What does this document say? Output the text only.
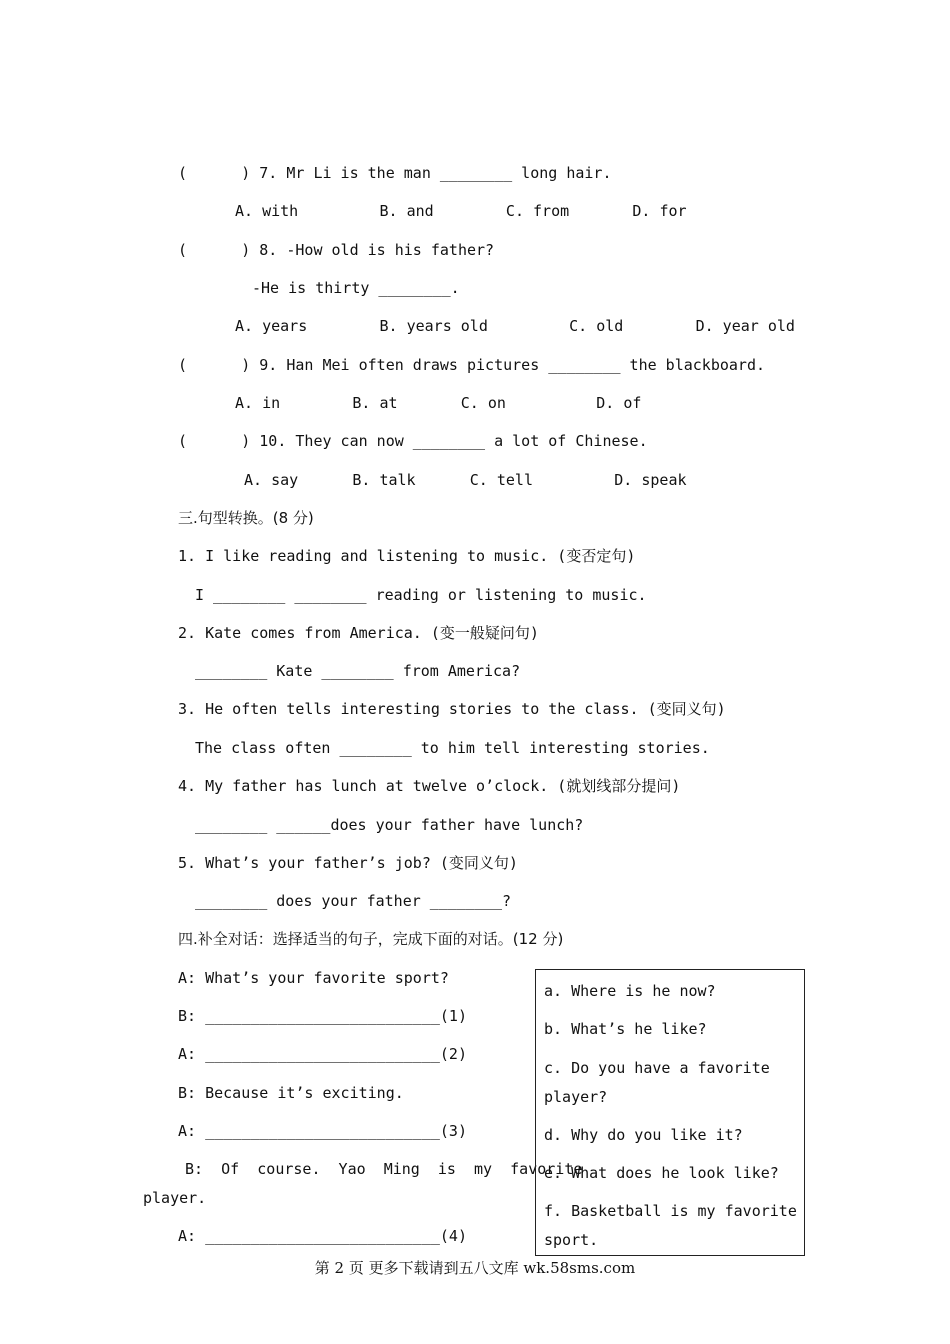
(      ) 7. Mr Li is the man ________ long hair.
A. with         B. and        C. from       D. for
(      ) 8. -How old is his father?
-He is thirty ________.
A. years        B. years old         C. old        D. year old
(      ) 9. Han Mei often draws pictures ________ the blackboard.
A. in        B. at       C. on          D. of
(      ) 10. They can now ________ a lot of Chinese.
A. say      B. talk      C. tell         D. speak
三.句型转换。(8 分)
1. I like reading and listening to music. (变否定句)
I ________ ________ reading or listening to music.
2. Kate comes from America. (变一般疑问句)
________ Kate ________ from America?
3. He often tells interesting stories to the class. (变同义句)
The class often ________ to him tell interesting stories.
4. My father has lunch at twelve o’clock. (就划线部分提问)
________ ______does your father have lunch?
5. What’s your father’s job? (变同义句)
________ does your father ________?
四.补全对话：选择适当的句子，完成下面的对话。(12 分)
A: What’s your favorite sport?
B: __________________________(1)
A: __________________________(2)
B: Because it’s exciting.
A: __________________________(3)
B:  Of  course.  Yao  Ming  is  my  favorite
player.
A: __________________________(4)
a. Where is he now?
b. What’s he like?
c. Do you have a favorite
player?
d. Why do you like it?
e. What does he look like?
f. Basketball is my favorite
sport.
第 2 页 更多下载请到五八文库 wk.58sms.com
